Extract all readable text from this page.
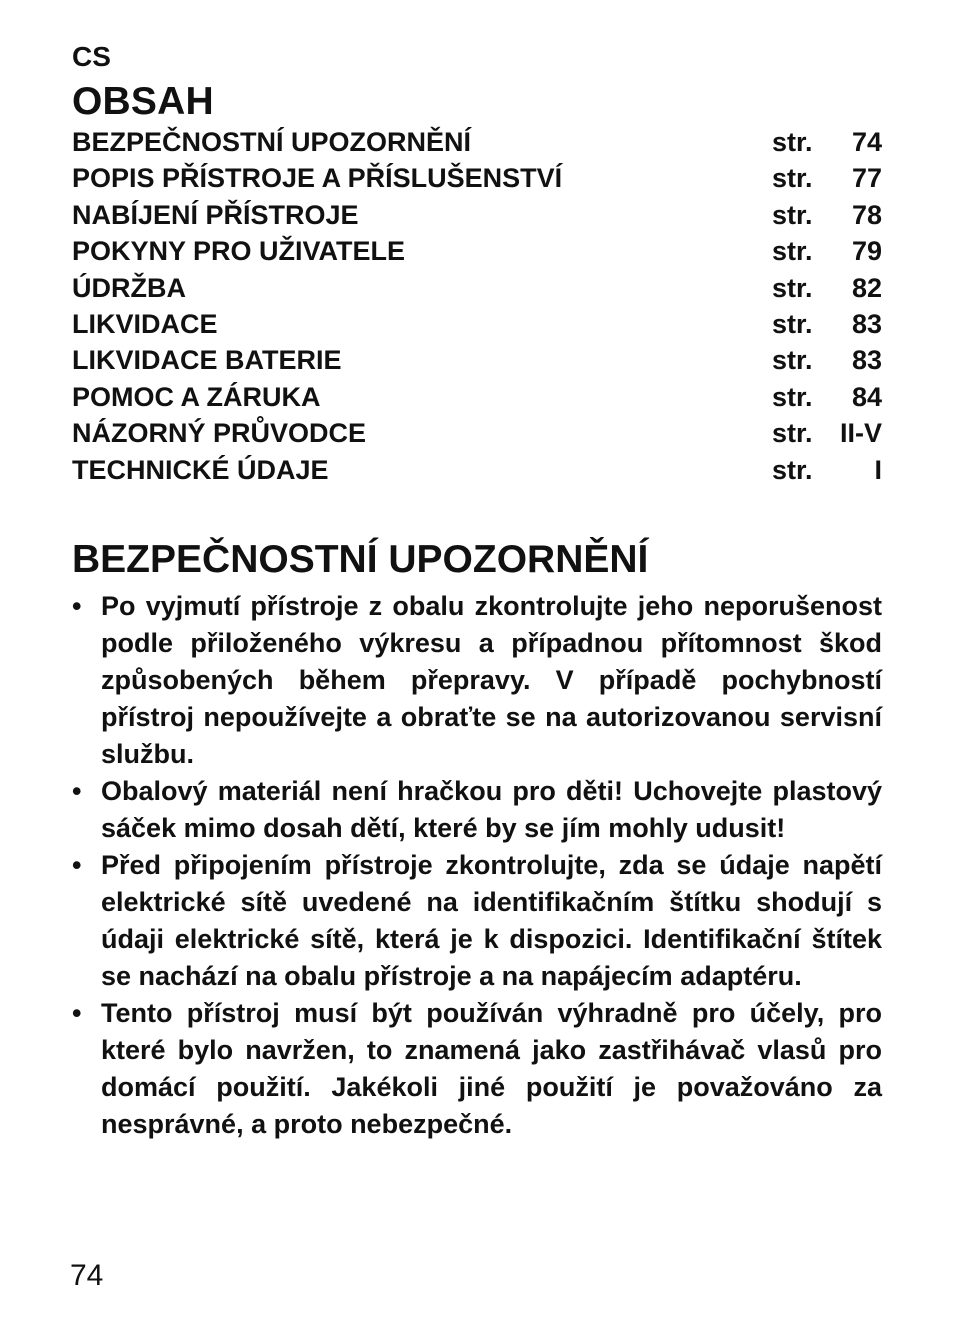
CS

OBSAH
BEZPEČNOSTNÍ UPOZORNĚNÍ	str.	74
POPIS PŘÍSTROJE A PŘÍSLUŠENSTVÍ	str.	77
NABÍJENÍ PŘÍSTROJE	str.	78
POKYNY PRO UŽIVATELE	str.	79
ÚDRŽBA	str.	82
LIKVIDACE	str.	83
LIKVIDACE BATERIE	str.	83
POMOC A ZÁRUKA	str.	84
NÁZORNÝ PRŮVODCE	str.	II-V
TECHNICKÉ ÚDAJE	str.	I
BEZPEČNOSTNÍ UPOZORNĚNÍ
• Po vyjmutí přístroje z obalu zkontrolujte jeho neporušenost podle přiloženého výkresu a případnou přítomnost škod způsobených během přepravy. V případě pochybností přístroj nepoužívejte a obraťte se na autorizovanou servisní službu.
• Obalový materiál není hračkou pro děti! Uchovejte plastový sáček mimo dosah dětí, které by se jím mohly udusit!
• Před připojením přístroje zkontrolujte, zda se údaje napětí elektrické sítě uvedené na identifikačním štítku shodují s údaji elektrické sítě, která je k dispozici. Identifikační štítek se nachází na obalu přístroje a na napájecím adaptéru.
• Tento přístroj musí být používán výhradně pro účely, pro které bylo navržen, to znamená jako zastřihávač vlasů pro domácí použití. Jakékoli jiné použití je považováno za nesprávné, a proto nebezpečné.
74
